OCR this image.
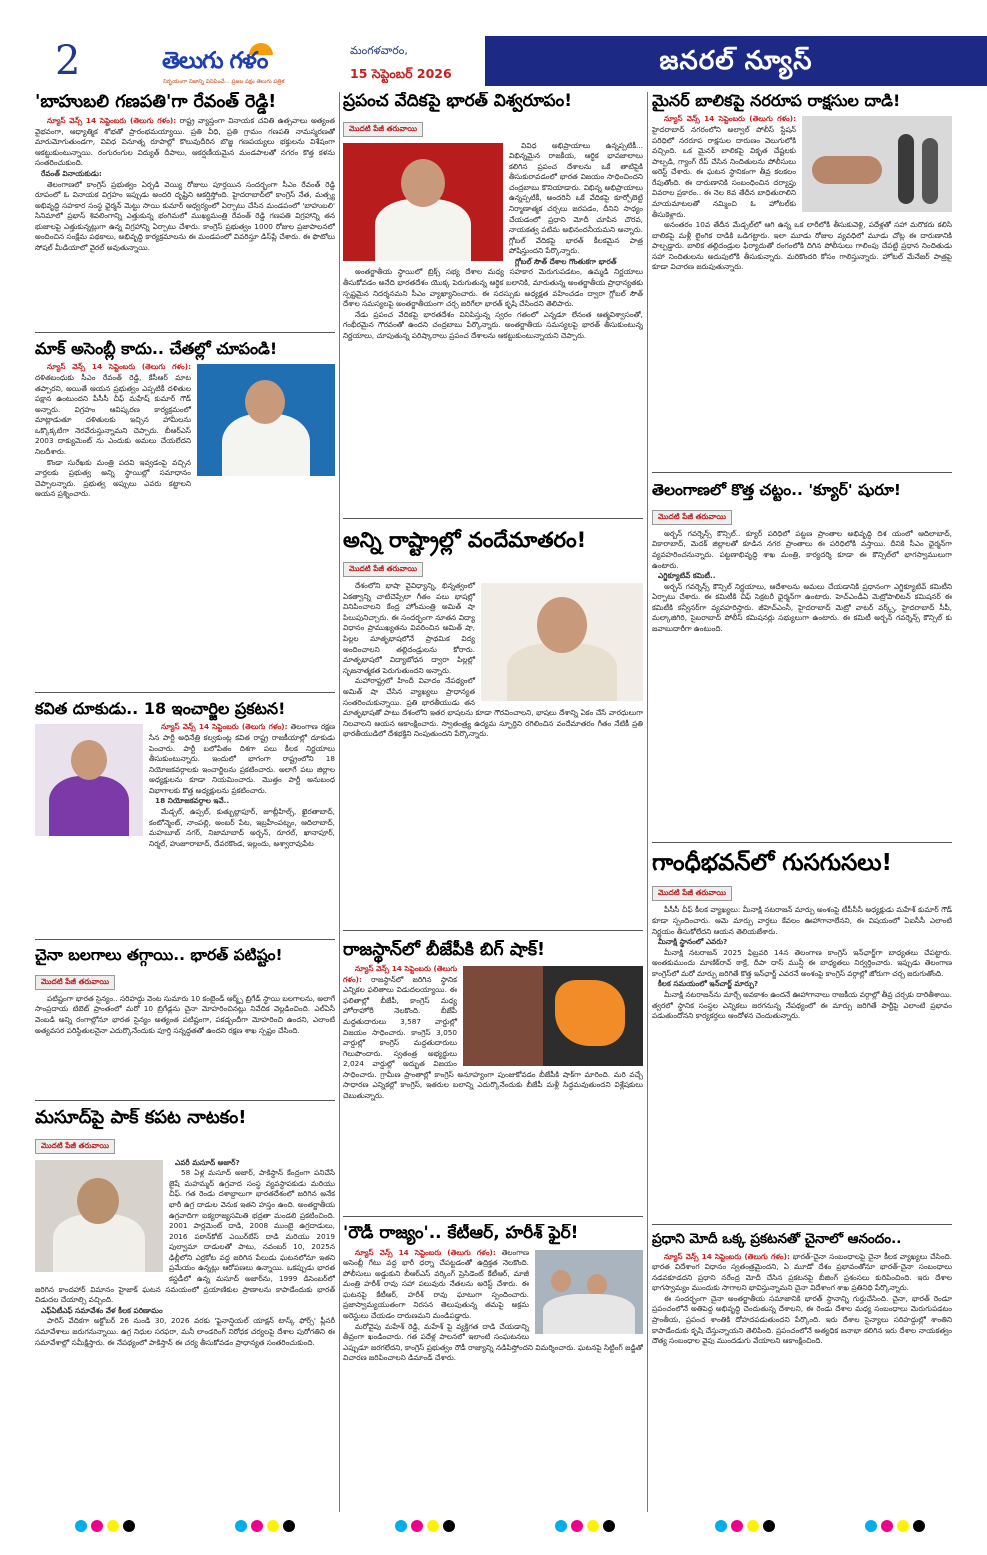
2	తెలుగు గళం
నిర్భయంగా నిజాన్ని వినిపించే... ప్రజల పక్షం తెలుగు పత్రిక
మంగళవారం,
15 సెప్టెంబర్ 2026	జనరల్ న్యూస్
'బాహుబలి గణపతి'గా రేవంత్ రెడ్డి!

న్యూస్ వెన్స్ 14 సెప్టెంబరు (తెలుగు గళం): రాష్ట్ర వ్యాప్తంగా వినాయక చవితి ఉత్సవాలు అత్యంత వైభవంగా, ఆధ్యాత్మిక శోభతో ప్రారంభమయ్యాయి. ప్రతి వీధి, ప్రతి గ్రామం గణపతి నామస్మరణతో మారుమోగుతుండగా, వివిధ వినూత్న రూపాల్లో కొలువుదీరిన బొజ్జ గణపయ్యలు భక్తులను విశేషంగా ఆకట్టుకుంటున్నాయి. రంగురంగుల విద్యుత్ దీపాలు, ఆకర్షణీయమైన మండపాలతో నగరం కొత్త కళను సంతరించుకుంది.

రేవంత్ వినాయకుడు:

తెలంగాణలో కాంగ్రెస్ ప్రభుత్వం ఏర్పడి వెయ్యి రోజులు పూర్తయిన సందర్భంగా సీఎం రేవంత్ రెడ్డి రూపంలో ఓ వినాయక విగ్రహం ఇప్పుడు అందరి దృష్టిని ఆకర్షిస్తోంది. హైదరాబాద్‌లో కాంగ్రెస్ నేత, మత్స్య అభివృద్ధి సహకార సంస్థ ఛైర్మన్ మెట్టు సాయి కుమార్ ఆధ్వర్యంలో ఏర్పాటు చేసిన మండపంలో 'బాహుబలి' సినిమాలో ప్రభాస్ శివలింగాన్ని ఎత్తుకున్న భంగిమలో ముఖ్యమంత్రి రేవంత్ రెడ్డి గణపతి విగ్రహాన్ని తన భుజాలపై ఎత్తుకున్నట్లుగా ఉన్న విగ్రహాన్ని ఏర్పాటు చేశారు. కాంగ్రెస్ ప్రభుత్వం 1000 రోజుల ప్రజాపాలనలో అందించిన సంక్షేమ పథకాలు, అభివృద్ధి కార్యక్రమాలను ఈ మండపంలో వివరిస్తూ డిస్‌ప్లే చేశారు. ఈ ఫొటోలు సోషల్ మీడియాలో వైరల్ అవుతున్నాయి.

మాక్ అసెంబ్లీ కాదు.. చేతల్లో చూపండి!

న్యూస్ వెన్స్ 14 సెప్టెంబరు (తెలుగు గళం): దళితబంధుకు సీఎం రేవంత్ రెడ్డి, కేసీఆర్ మాట తప్పారని, అయితే ఆయన ప్రభుత్వం ఎప్పటికీ దళితుల పక్షాన ఉంటుందని పీసీసీ చీఫ్ మహేష్ కుమార్ గౌడ్ అన్నారు. విగ్రహం ఆవిష్కరణ కార్యక్రమంలో మాట్లాడుతూ దళితులకు ఇచ్చిన హామీలను ఒక్కొక్కటిగా నెరవేరుస్తున్నామని చెప్పారు. బీఆర్ఎస్ 2003 దాక్యుమెంట్ ను ఎందుకు అమలు చేయలేదని నిలదీశారు.

కొండా సురేఖకు మంత్రి పదవి ఇవ్వడంపై వచ్చిన వార్తలకు ప్రభుత్వ అన్ని స్థాయిల్లో సమాధానం చెప్పాలన్నారు. ప్రభుత్వ అప్పులు ఎవరు కట్టాలని ఆయన ప్రశ్నించారు.

కవిత దూకుడు.. 18 ఇంచార్జిల ప్రకటన!

న్యూస్ వెన్స్ 14 సెప్టెంబరు (తెలుగు గళం): తెలంగాణ రక్షణ సేన పార్టీ అధినేత్రి కల్వకుంట్ల కవిత రాష్ట్ర రాజకీయాల్లో దూకుడు పెంచారు. పార్టీ బలోపేతం దిశగా పలు కీలక నిర్ణయాలు తీసుకుంటున్నారు. ఇందులో భాగంగా రాష్ట్రంలోని 18 నియోజకవర్గాలకు ఇంచార్జిలను ప్రకటించారు. అలాగే పలు జిల్లాల అధ్యక్షులను కూడా నియమించారు. మొత్తం పార్టీ అనుబంధ విభాగాలకు కొత్త అధ్యక్షులను ప్రకటించారు.

18 నియోజకవర్గాల ఇవే..

మేడ్చల్, ఉప్పల్, కుత్బుల్లాపూర్, జూబ్లీహిల్స్, ఖైరతాబాద్, కంటోన్మెంట్, నాంపల్లి, అంబర్ పేట, ఇబ్రహీంపట్నం, ఆదిలాబాద్, మహబూబ్ నగర్, నిజామాబాద్ అర్బన్, రూరల్, ఖానాపూర్, నిర్మల్, హుజూరాబాద్, దేవరకొండ, ఇల్లందు, అశ్వారావుపేట

చైనా బలగాలు తగ్గాయి.. భారత్ పటిష్టం!
మొదటి పేజీ తరువాయి

పటిష్టంగా భారత సైన్యం.. సరిహద్దు వెంట సుమారు 10 కంబైండ్ ఆర్మ్స్ బ్రిగేడ్ స్థాయి బలగాలను, అలాగే సాంప్రదాయ టిబెట్ ప్రాంతంలో మరో 10 బ్రిగేడ్లను చైనా మోహరించినట్లు నివేదిక వెల్లడించింది. ఎల్ఏసీ వెంబడి అన్ని రంగాల్లోనూ భారత సైన్యం అత్యంత పటిష్టంగా, పకడ్బందీగా మోహరించి ఉందని, ఎలాంటి అత్యవసర పరిస్థితులనైనా ఎదుర్కొనేందుకు పూర్తి సన్నద్ధతతో ఉందని రక్షణ శాఖ స్పష్టం చేసింది.

మసూద్‌పై పాక్ కపట నాటకం!
మొదటి పేజీ తరువాయి

ఎవరీ మసూద్ అజార్?

58 ఏళ్ల మసూద్ అజార్, పాకిస్థాన్ కేంద్రంగా పనిచేసే జైషే మహమ్మద్ ఉగ్రవాద సంస్థ వ్యవస్థాపకుడు మరియు చీఫ్. గత రెండు దశాబ్దాలుగా భారతదేశంలో జరిగిన అనేక భారీ ఉగ్ర దాడుల వెనుక ఇతని హస్తం ఉంది. అంతర్జాతీయ ఉగ్రవాదిగా ఐక్యరాజ్యసమితి భద్రతా మండలి ప్రకటించింది. 2001 పార్లమెంట్ దాడి, 2008 ముంబై ఉగ్రదాడులు, 2016 పఠాన్‌కోట్ ఎయిర్‌బేస్ దాడి మరియు 2019 పుల్వామా దాడులతో పాటు, నవంబర్ 10, 2025న ఢిల్లీలోని ఎర్రకోట వద్ద జరిగిన పేలుడు ఘటనలోనూ ఇతని ప్రమేయం ఉన్నట్లు ఆరోపణలు ఉన్నాయి. ఒకప్పుడు భారత కస్టడీలో ఉన్న మసూద్ అజార్‌ను, 1999 డిసెంబర్‌లో జరిగిన కాందహార్ విమానం హైజాక్ ఘటన సమయంలో ప్రయాణికుల ప్రాణాలను కాపాడేందుకు భారత్ విడుదల చేయాల్సి వచ్చింది.

ఎఫ్ఏటీఎఫ్ సమావేశం వేళ కీలక పరిణామం

పారిస్ వేదికగా అక్టోబర్ 26 నుండి 30, 2026 వరకు 'ఫైనాన్షియల్ యాక్షన్ టాస్క్ ఫోర్స్' ప్లీనరీ సమావేశాలు జరుగనున్నాయి. ఉగ్ర నిధుల సరఫరా, మనీ లాండరింగ్ నిరోధక చర్యలపై దేశాల పురోగతిని ఈ సమావేశాల్లో సమీక్షిస్తారు. ఈ నేపథ్యంలో పాకిస్తాన్ ఈ చర్య తీసుకోవడం ప్రాధాన్యత సంతరించుకుంది.

ప్రపంచ వేదికపై భారత్ విశ్వరూపం!
మొదటి పేజీ తరువాయి

వివిధ అభిప్రాయాలు ఉన్నప్పటికీ... విభిన్నమైన రాజకీయ, ఆర్థిక భావజాలాలు కలిగిన ప్రపంచ దేశాలను ఒకే తాటిపైకి తీసుకురావడంలో భారత విజయం సాధించిందని చంద్రబాబు కొనియాడారు. విభిన్న అభిప్రాయాలు ఉన్నప్పటికీ, అందరినీ ఒకే వేదికపై కూర్చోబెట్టి నిర్మాణాత్మక చర్చలు జరపడం, దీనిని సాధ్యం చేయడంలో ప్రధాని మోదీ చూపిన చొరవ, నాయకత్వ పటిమ అభినందనీయమని అన్నారు. గ్లోబల్ వేదికపై భారత్ కీలకమైన పాత్ర పోషిస్తుందని పేర్కొన్నారు.

గ్లోబల్ సౌత్ దేశాల గొంతుకగా భారత్

అంతర్జాతీయ స్థాయిలో బ్రిక్స్ సభ్య దేశాల మధ్య సహకార మెరుగుపడటం, ఉమ్మడి నిర్ణయాలు తీసుకోవడం అనేది భారతదేశం యొక్క పెరుగుతున్న ఆర్థిక బలానికి, మారుతున్న అంతర్జాతీయ ప్రాధాన్యతకు స్పష్టమైన నిదర్శనమని సీఎం వ్యాఖ్యానించారు. ఈ సదస్సుకు అధ్యక్షత వహించడం ద్వారా గ్లోబల్ సౌత్ దేశాల సమస్యలపై అంతర్జాతీయంగా చర్చ జరిగేలా భారత్ కృషి చేసిందని తెలిపారు.

నేడు ప్రపంచ వేదికపై భారతదేశం వినిపిస్తున్న స్వరం గతంలో ఎన్నడూ లేనంత ఆత్మవిశ్వాసంతో, గంభీరమైన గౌరవంతో ఉందని చంద్రబాబు పేర్కొన్నారు. అంతర్జాతీయ సమస్యలపై భారత్ తీసుకుంటున్న నిర్ణయాలు, చూపుతున్న పరిష్కారాలు ప్రపంచ దేశాలను ఆకట్టుకుంటున్నాయని చెప్పారు.

అన్ని రాష్ట్రాల్లో వందేమాతరం!
మొదటి పేజీ తరువాయి

దేశంలోని భాషా వైవిధ్యాన్ని, భిన్నత్వంలో ఏకత్వాన్ని చాటిచెప్పేలా గీతం పలు భాషల్లో వినిపించాలని కేంద్ర హోంమంత్రి అమిత్ షా పిలుపునిచ్చారు. ఈ సందర్భంగా నూతన విద్యా విధానం ప్రాముఖ్యతను వివరించిన అమిత్ షా, పిల్లల మాతృభాషలోనే ప్రాథమిక విద్య అందించాలని తల్లిదండ్రులను కోరారు. మాతృభాషలో విద్యాబోధన ద్వారా పిల్లల్లో సృజనాత్మకత పెరుగుతుందని అన్నారు.

మహారాష్ట్రలో హిందీ వివాదం నేపథ్యంలో అమిత్ షా చేసిన వ్యాఖ్యలు ప్రాధాన్యత సంతరించుకున్నాయి. ప్రతి భారతీయుడు తన మాతృభాషతో పాటు దేశంలోని ఇతర భాషలను కూడా గౌరవించాలని, భాషలు దేశాన్ని ఏకం చేసే వారధులుగా నిలవాలని ఆయన ఆకాంక్షించారు. స్వాతంత్ర్య ఉద్యమ స్ఫూర్తిని రగిలించిన వందేమాతరం గీతం నేటికీ ప్రతి భారతీయుడిలో దేశభక్తిని నింపుతుందని పేర్కొన్నారు.

రాజస్థాన్‌లో బీజేపీకి బిగ్ షాక్!

న్యూస్ వెన్స్ 14 సెప్టెంబరు (తెలుగు గళం): రాజస్థాన్‌లో జరిగిన స్థానిక ఎన్నికల ఫలితాలు విడుదలయ్యాయి. ఈ ఫలితాల్లో బీజేపీ, కాంగ్రెస్ మధ్య హోరాహోరీ నెలకొంది. బీజేపీ మద్దతుదారులు 3,587 వార్డుల్లో విజయం సాధించారు. కాంగ్రెస్ 3,050 వార్డుల్లో కాంగ్రెస్ మద్దతుదారులు గెలుపొందారు. స్వతంత్ర అభ్యర్థులు 2,024 వార్డుల్లో అద్భుత విజయం సాధించారు. గ్రామీణ ప్రాంతాల్లో కాంగ్రెస్ అనూహ్యంగా పుంజుకోవడం బీజేపీకి షాక్‌గా మారింది. మరి వచ్చే సాధారణ ఎన్నికల్లో కాంగ్రెస్, ఇతరుల బలాన్ని ఎదుర్కొనేందుకు బీజేపీ మళ్లీ సిద్ధమవుతుందని విశ్లేషకులు చెబుతున్నారు.

'రౌడీ రాజ్యం'.. కేటీఆర్, హరీశ్ ఫైర్!

న్యూస్ వెన్స్ 14 సెప్టెంబరు (తెలుగు గళం): తెలంగాణ అసెంబ్లీ గేటు వద్ద భారీ ధర్నా చేపట్టడంతో ఉద్రిక్తత నెలకొంది. పోలీసులు అడ్డుకుని బీఆర్ఎస్ వర్కింగ్ ప్రెసిడెంట్ కేటీఆర్, మాజీ మంత్రి హరీశ్ రావు సహా పలువురు నేతలను అరెస్ట్ చేశారు. ఈ ఘటనపై కేటీఆర్, హరీశ్ రావు ఘాటుగా స్పందించారు. ప్రజాస్వామ్యయుతంగా నిరసన తెలుపుతున్న తమపై అక్రమ అరెస్టులు చేయడం దారుణమని మండిపడ్డారు.

మరోవైపు మహేశ్ రెడ్డి, మహేశ్ పై వ్యక్తిగత దాడి చేయడాన్ని తీవ్రంగా ఖండించారు. గత పదేళ్ల పాలనలో ఇలాంటి సంఘటనలు ఎప్పుడూ జరగలేదని, కాంగ్రెస్ ప్రభుత్వం రౌడీ రాజ్యాన్ని నడిపిస్తోందని విమర్శించారు. ఘటనపై సిట్టింగ్ జడ్జితో విచారణ జరిపించాలని డిమాండ్ చేశారు.

మైనర్ బాలికపై నరరూప రాక్షసుల దాడి!

న్యూస్ వెన్స్ 14 సెప్టెంబరు (తెలుగు గళం): హైదరాబాద్ నగరంలోని అల్వాల్ పోలీస్ స్టేషన్ పరిధిలో నరరూప రాక్షసుల దారుణం వెలుగులోకి వచ్చింది. ఒక మైనర్ బాలికపై వికృత చేష్టలకు పాల్పడి, గ్యాంగ్ రేప్ చేసిన నిందితులను పోలీసులు అరెస్ట్ చేశారు. ఈ ఘటన స్థానికంగా తీవ్ర కలకలం రేపుతోంది. ఈ దారుణానికి సంబంధించిన దర్యాప్తు వివరాల ప్రకారం.. ఈ నెల 8వ తేదీన బాధితురాలిని మాయమాటలతో నమ్మించి ఓ హోటల్‌కు తీసుకెళ్లారు.

అనంతరం 10వ తేదీన మేడ్చల్‌లో ఆగి ఉన్న ఒక లారీలోకి తీసుకువెళ్లి, పదేళ్లతో సహా మరొకరు కలిసి బాలికపై మళ్లీ లైంగిక దాడికి ఒడిగట్టారు. ఇలా మూడు రోజుల వ్యవధిలో మూడు చోట్ల ఈ దారుణానికి పాల్పడ్డారు. బాలిక తల్లిదండ్రుల ఫిర్యాదుతో రంగంలోకి దిగిన పోలీసులు గాలింపు చేపట్టి ప్రధాన నిందితుడు సహా నిందితులను అదుపులోకి తీసుకున్నారు. మరికొందరి కోసం గాలిస్తున్నారు. హోటల్ మేనేజర్ పాత్రపై కూడా విచారణ జరుపుతున్నారు.

తెలంగాణలో కొత్త చట్టం.. 'క్యూర్' షురూ!
మొదటి పేజీ తరువాయి

అర్బన్ గవర్నెన్స్ కౌన్సిల్.. క్యూర్ పరిధిలో పట్టణ ప్రాంతాల అభివృద్ధి దిశ యంలో ఆదిలాబాద్, వికారాబాద్, మెదక్ జిల్లాలతో కూడిన నగర ప్రాంతాలు ఈ పరిధిలోకి వస్తాయి. దీనికి సీఎం ఛైర్మన్‌గా వ్యవహరించనున్నారు. పట్టణాభివృద్ధి శాఖ మంత్రి, కార్యదర్శి కూడా ఈ కౌన్సిల్‌లో భాగస్వాములుగా ఉంటారు.

ఎగ్జిక్యూటివ్ కమిటీ..

అర్బన్ గవర్నెన్స్ కౌన్సిల్ నిర్ణయాలు, ఆదేశాలను అమలు చేయడానికి ప్రధానంగా ఎగ్జిక్యూటివ్ కమిటీని ఏర్పాటు చేశారు. ఈ కమిటీకి చీఫ్ సెక్రటరీ ఛైర్మన్‌గా ఉంటారు. హెచ్ఎండీఏ మెట్రోపాలిటన్ కమిషనర్ ఈ కమిటీకి కన్వీనర్‌గా వ్యవహరిస్తారు. జీహెచ్ఎంసీ, హైదరాబాద్ మెట్రో వాటర్ వర్క్స్, హైదరాబాద్ సీపీ, మల్కాజిగిరి, సైబరాబాద్ పోలీస్ కమిషనర్లు సభ్యులుగా ఉంటారు. ఈ కమిటీ అర్బన్ గవర్నెన్స్ కౌన్సిల్ కు జవాబుదారీగా ఉంటుంది.

గాంధీభవన్‌లో గుసగుసలు!
మొదటి పేజీ తరువాయి

పీసీసీ చీఫ్ కీలక వ్యాఖ్యలు: మీనాక్షి నటరాజన్ మార్పు అంశంపై టీపీసీసీ అధ్యక్షుడు మహేశ్ కుమార్ గౌడ్ కూడా స్పందించారు. ఆమె మార్పు వార్తలు కేవలం ఊహాగానాలేనని, ఈ విషయంలో ఏఐసీసీ ఎలాంటి నిర్ణయం తీసుకోలేదని ఆయన తెలియజేశారు.

మీనాక్షి స్థానంలో ఎవరు?

మీనాక్షి నటరాజన్ 2025 ఫిబ్రవరి 14న తెలంగాణ కాంగ్రెస్ ఇన్‌ఛార్జ్‌గా బాధ్యతలు చేపట్టారు. అంతకుముందు మాణిక్‌రావ్ ఠాక్రే, దీపా దాస్ మున్షీ ఈ బాధ్యతలు నిర్వర్తించారు. ఇప్పుడు తెలంగాణ కాంగ్రెస్‌లో మరో మార్పు జరిగితే కొత్త ఇన్‌ఛార్జ్ ఎవరనే అంశంపై కాంగ్రెస్ వర్గాల్లో జోరుగా చర్చ జరుగుతోంది.

కీలక సమయంలో ఇన్‌చార్జ్ మార్పు?

మీనాక్షి నటరాజన్‌ను మార్చే అవకాశం ఉందనే ఊహాగానాలు రాజకీయ వర్గాల్లో తీవ్ర చర్చకు దారితీశాయి. త్వరలో స్థానిక సంస్థల ఎన్నికలు జరగనున్న నేపథ్యంలో ఈ మార్పు జరిగితే పార్టీపై ఎలాంటి ప్రభావం పడుతుందోనని కార్యకర్తలు ఆందోళన చెందుతున్నారు.

ప్రధాని మోదీ ఒక్క ప్రకటనతో చైనాలో ఆనందం..

న్యూస్ వెన్స్ 14 సెప్టెంబరు (తెలుగు గళం): భారత్-చైనా సంబంధాలపై చైనా కీలక వ్యాఖ్యలు చేసింది. భారత విదేశాంగ విధానం స్వతంత్రమైందని, ఏ మూడో దేశం ప్రభావంతోనూ భారత్-చైనా సంబంధాలు నడవకూడదని ప్రధాని నరేంద్ర మోదీ చేసిన ప్రకటనపై బీజింగ్ ప్రశంసలు కురిపించింది. ఇరు దేశాల భాగస్వామ్యం ముందుకు సాగాలని భావిస్తున్నామని చైనా విదేశాంగ శాఖ ప్రతినిధి పేర్కొన్నారు.

ఈ సందర్భంగా చైనా అంతర్జాతీయ సమాజానికి భారత్ స్థానాన్ని గుర్తుచేసింది. చైనా, భారత్ రెండూ ప్రపంచంలోనే అతిపెద్ద అభివృద్ధి చెందుతున్న దేశాలని, ఈ రెండు దేశాల మధ్య సంబంధాలు మెరుగుపడటం ప్రాంతీయ, ప్రపంచ శాంతికి దోహదపడుతుందని పేర్కొంది. ఇరు దేశాల సైన్యాలు సరిహద్దుల్లో శాంతిని కాపాడేందుకు కృషి చేస్తున్నాయని తెలిపింది. ప్రపంచంలోనే అత్యధిక జనాభా కలిగిన ఇరు దేశాల నాయకత్వం దౌత్య సంబంధాల వైపు ముందడుగు వేయాలని ఆకాంక్షించింది.
